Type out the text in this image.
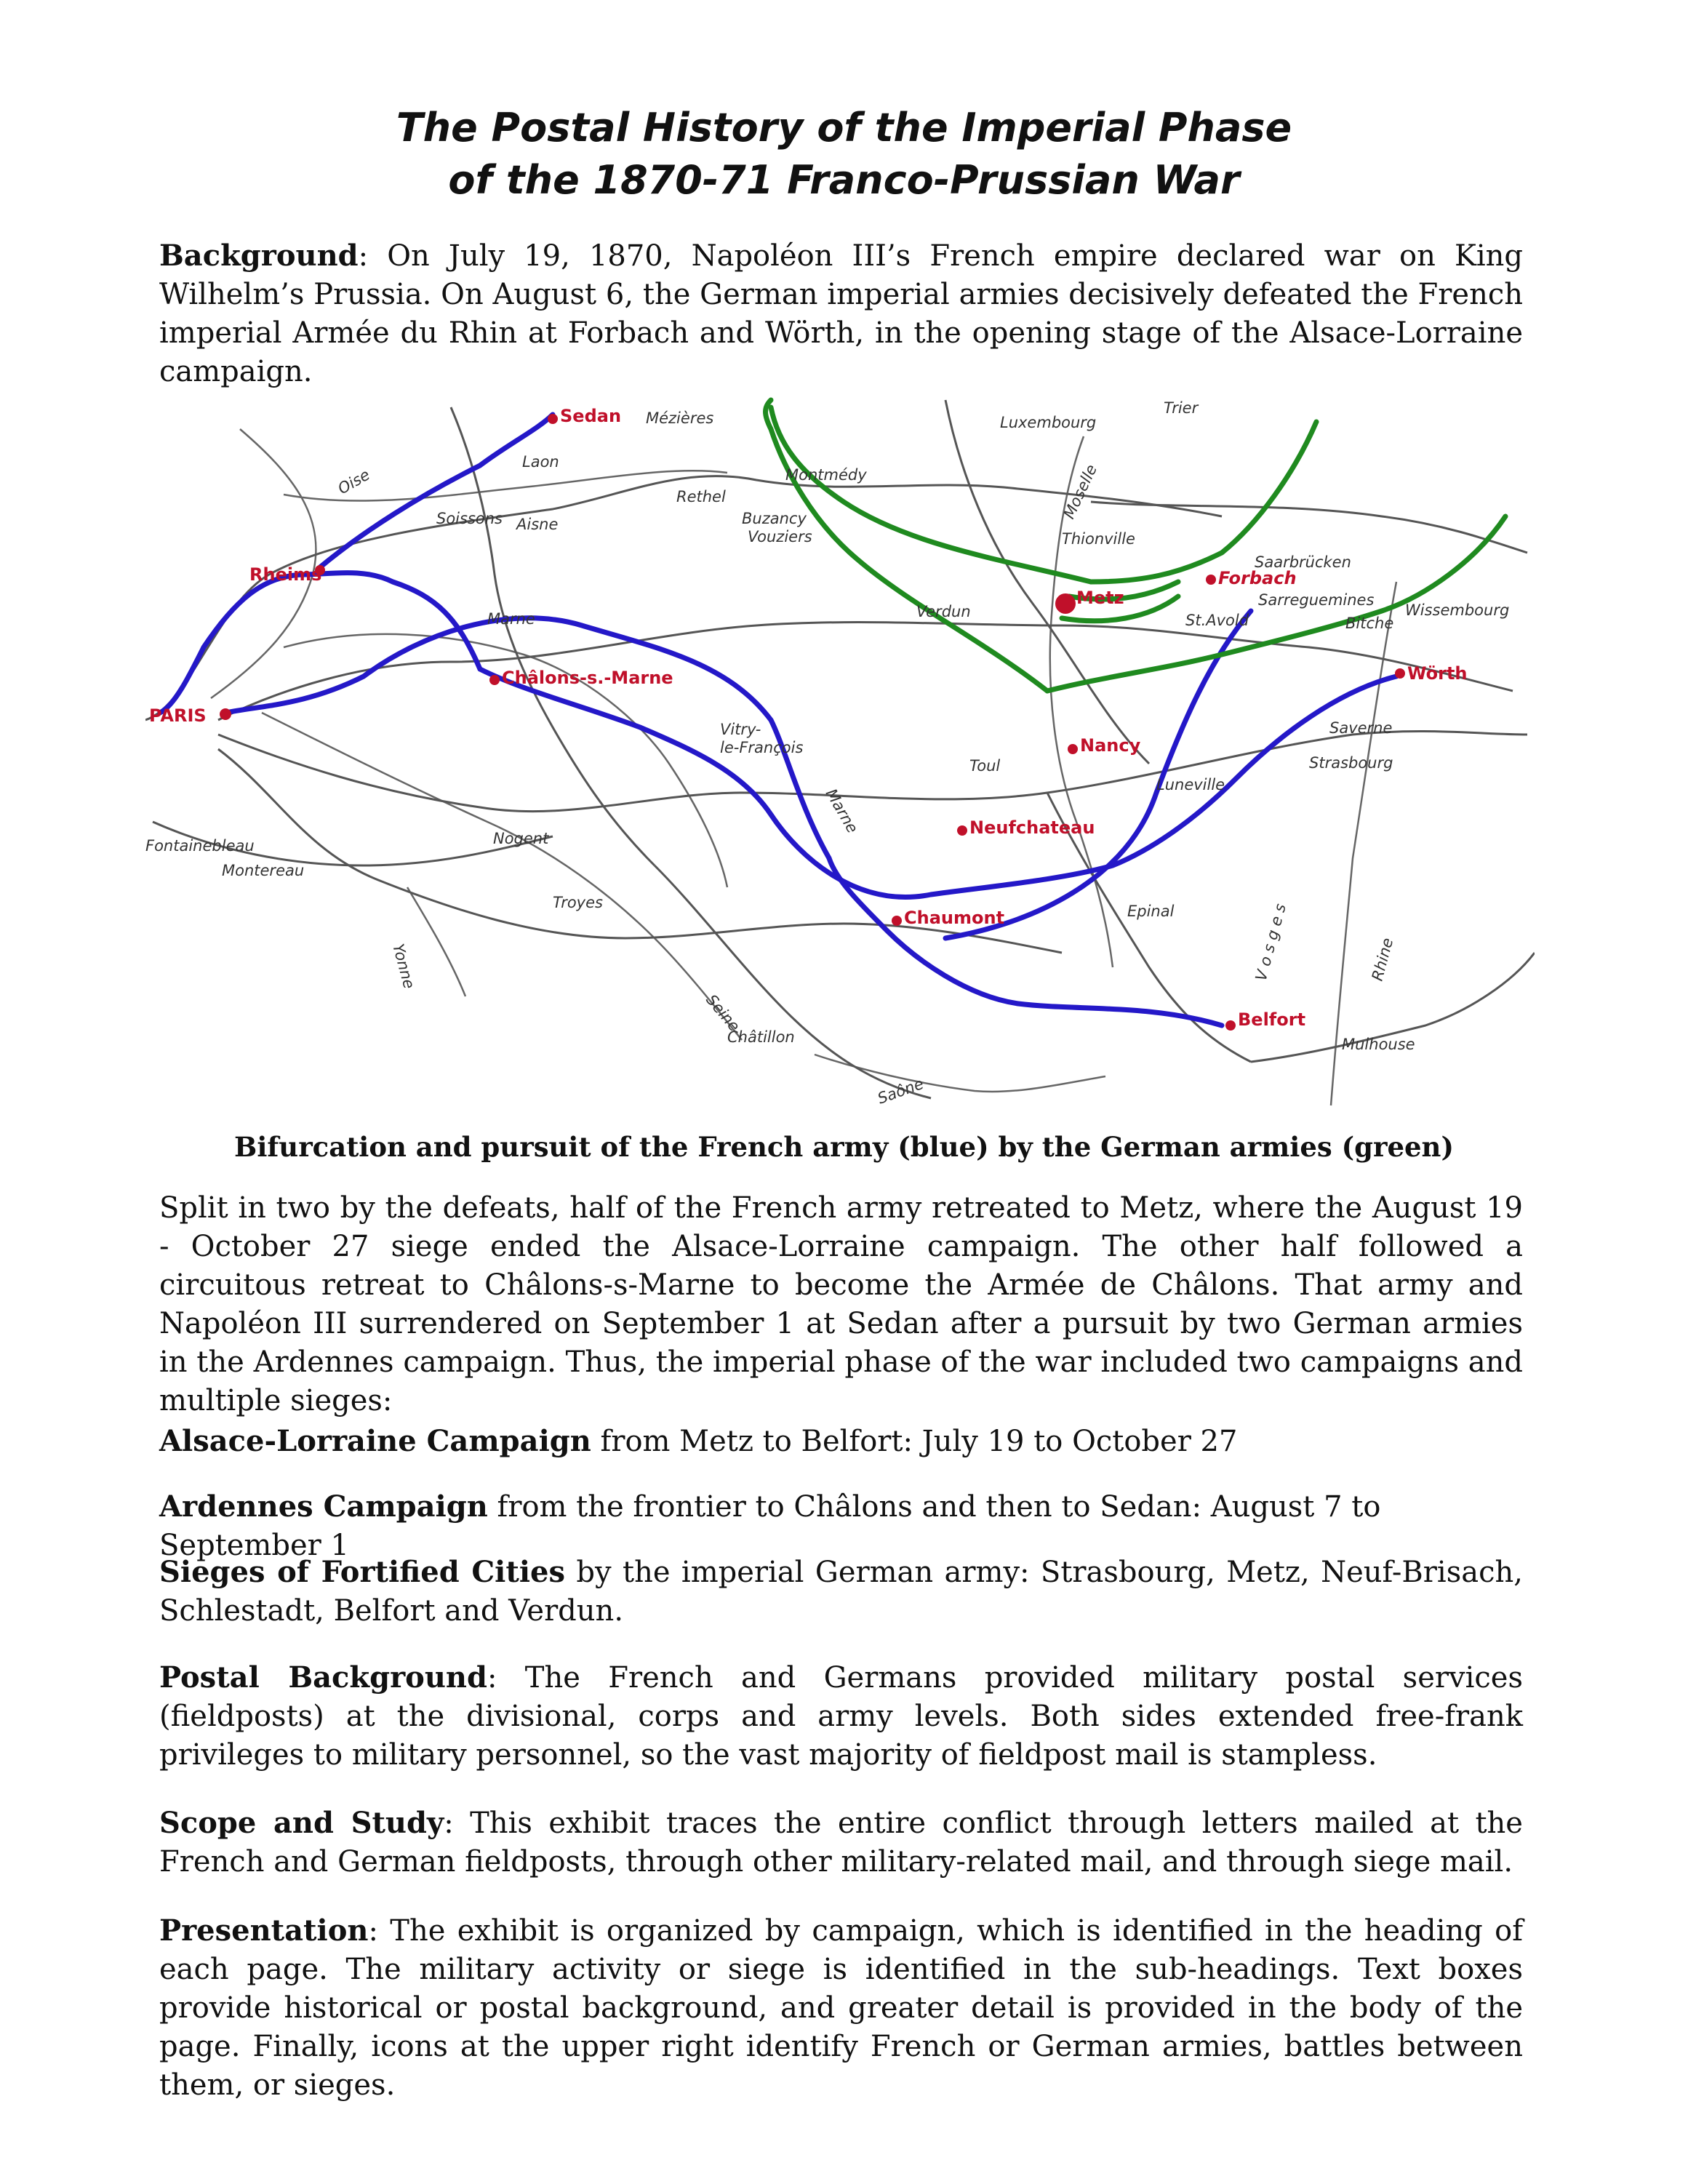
The Postal History of the Imperial Phase
of the 1870-71 Franco-Prussian War
Background: On July 19, 1870, Napoléon III’s French empire declared war on King Wilhelm’s Prussia. On August 6, the German imperial armies decisively defeated the French imperial Armée du Rhin at Forbach and Wörth, in the opening stage of the Alsace-Lorraine campaign.
Mézières	Luxembourg
Trier
Laon
Rethel
Montmédy
Buzancy
Vouziers
Soissons Aisne
Oise
Thionville
Moselle
Saarbrücken
Sarreguemines
St.Avold	Bitche
Wissembourg
Verdun
Marne
Vitry-
le-François
Marne
Toul
Saverne
Strasbourg
Luneville
V o s g e s
Fontainebleau	Nogent
Montereau
Troyes
Yonne
Seine
Epinal
Rhine
Châtillon	Mulhouse
Saône
PARIS
Sedan
Rheims
Châlons-s.-Marne
Metz
Forbach
Wörth
Nancy
Neufchateau
Chaumont
Belfort
Bifurcation and pursuit of the French army (blue) by the German armies (green)
Split in two by the defeats, half of the French army retreated to Metz, where the August 19 - October 27 siege ended the Alsace-Lorraine campaign. The other half followed a circuitous retreat to Châlons-s-Marne to become the Armée de Châlons. That army and Napoléon III surrendered on September 1 at Sedan after a pursuit by two German armies in the Ardennes campaign. Thus, the imperial phase of the war included two campaigns and multiple sieges:
Alsace-Lorraine Campaign from Metz to Belfort: July 19 to October 27
Ardennes Campaign from the frontier to Châlons and then to Sedan: August 7 to September 1
Sieges of Fortified Cities by the imperial German army: Strasbourg, Metz, Neuf-Brisach, Schlestadt, Belfort and Verdun.
Postal Background: The French and Germans provided military postal services (fieldposts) at the divisional, corps and army levels. Both sides extended free-frank privileges to military personnel, so the vast majority of fieldpost mail is stampless.
Scope and Study: This exhibit traces the entire conflict through letters mailed at the French and German fieldposts, through other military-related mail, and through siege mail.
Presentation: The exhibit is organized by campaign, which is identified in the heading of each page. The military activity or siege is identified in the sub-headings. Text boxes provide historical or postal background, and greater detail is provided in the body of the page. Finally, icons at the upper right identify French or German armies, battles between them, or sieges.
